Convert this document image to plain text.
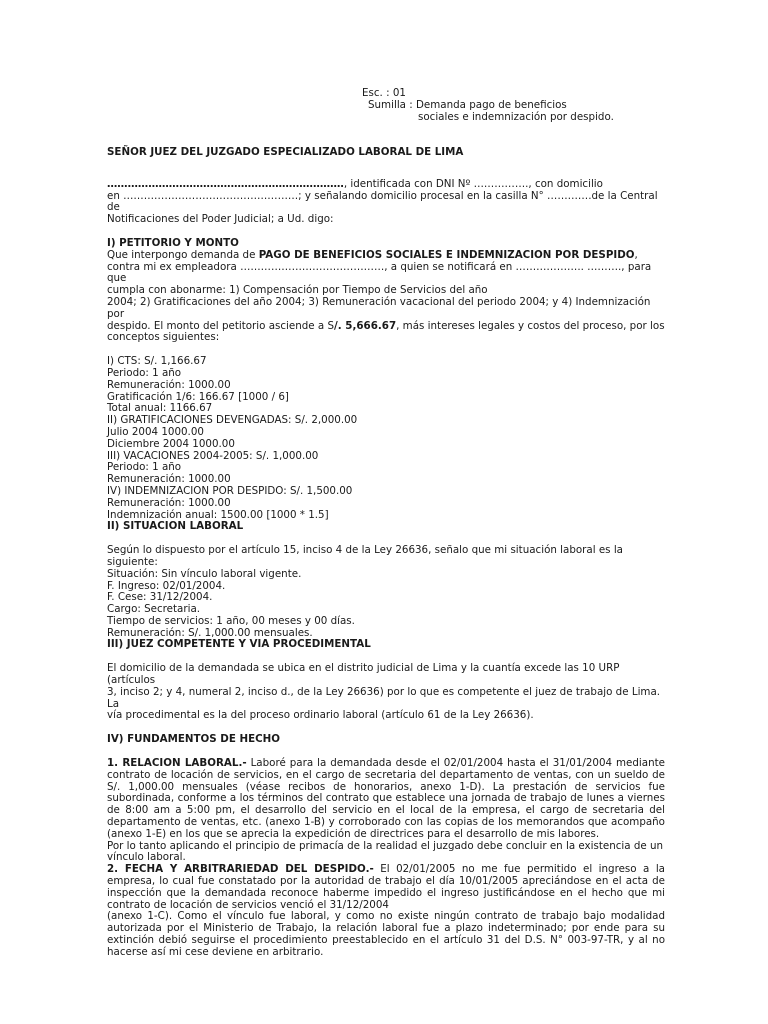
Esc. : 01
Sumilla : Demanda pago de beneficios
sociales e indemnización por despido.

SEÑOR JUEZ DEL JUZGADO ESPECIALIZADO LABORAL DE LIMA

……………………………………………………………, identificada con DNI Nº ……………., con domicilio

en ……………………………………………; y señalando domicilio procesal en la casilla N° ………….de la Central de

Notificaciones del Poder Judicial; a Ud. digo:

I) PETITORIO Y MONTO

Que interpongo demanda de PAGO DE BENEFICIOS SOCIALES E INDEMNIZACION POR DESPIDO,

contra mi ex empleadora ……………………………………, a quien se notificará en ……………….. ………., para que

cumpla con abonarme: 1) Compensación por Tiempo de Servicios del año

2004; 2) Gratificaciones del año 2004; 3) Remuneración vacacional del periodo 2004; y 4) Indemnización por

despido. El monto del petitorio asciende a S/. 5,666.67, más intereses legales y costos del proceso, por los

conceptos siguientes:

I) CTS: S/. 1,166.67

Periodo: 1 año

Remuneración: 1000.00

Gratificación 1/6: 166.67 [1000 / 6]

Total anual: 1166.67

II) GRATIFICACIONES DEVENGADAS: S/. 2,000.00

Julio 2004 1000.00

Diciembre 2004 1000.00

III) VACACIONES 2004-2005: S/. 1,000.00

Periodo: 1 año

Remuneración: 1000.00

IV) INDEMNIZACION POR DESPIDO: S/. 1,500.00

Remuneración: 1000.00

Indemnización anual: 1500.00 [1000 * 1.5]

II) SITUACION LABORAL

Según lo dispuesto por el artículo 15, inciso 4 de la Ley 26636, señalo que mi situación laboral es la

siguiente:

Situación: Sin vínculo laboral vigente.

F. Ingreso: 02/01/2004.

F. Cese: 31/12/2004.

Cargo: Secretaria.

Tiempo de servicios: 1 año, 00 meses y 00 días.

Remuneración: S/. 1,000.00 mensuales.

III) JUEZ COMPETENTE Y VIA PROCEDIMENTAL

El domicilio de la demandada se ubica en el distrito judicial de Lima y la cuantía excede las 10 URP (artículos

3, inciso 2; y 4, numeral 2, inciso d., de la Ley 26636) por lo que es competente el juez de trabajo de Lima. La

vía procedimental es la del proceso ordinario laboral (artículo 61 de la Ley 26636).

IV) FUNDAMENTOS DE HECHO

1. RELACION LABORAL.- Laboré para la demandada desde el 02/01/2004 hasta el 31/01/2004 mediante contrato de locación de servicios, en el cargo de secretaria del departamento de ventas, con un sueldo de S/. 1,000.00 mensuales (véase recibos de honorarios, anexo 1-D). La prestación de servicios fue subordinada, conforme a los términos del contrato que establece una jornada de trabajo de lunes a viernes de 8:00 am a 5:00 pm, el desarrollo del servicio en el local de la empresa, el cargo de secretaria del departamento de ventas, etc. (anexo 1-B) y corroborado con las copias de los memorandos que acompaño (anexo 1-E) en los que se aprecia la expedición de directrices para el desarrollo de mis labores.

Por lo tanto aplicando el principio de primacía de la realidad el juzgado debe concluir en la existencia de un vínculo laboral.

2. FECHA Y ARBITRARIEDAD DEL DESPIDO.- El 02/01/2005 no me fue permitido el ingreso a la empresa, lo cual fue constatado por la autoridad de trabajo el día 10/01/2005 apreciándose en el acta de inspección que la demandada reconoce haberme impedido el ingreso justificándose en el hecho que mi contrato de locación de servicios venció el 31/12/2004

(anexo 1-C). Como el vínculo fue laboral, y como no existe ningún contrato de trabajo bajo modalidad autorizada por el Ministerio de Trabajo, la relación laboral fue a plazo indeterminado; por ende para su extinción debió seguirse el procedimiento preestablecido en el artículo 31 del D.S. N° 003-97-TR, y al no hacerse así mi cese deviene en arbitrario.
